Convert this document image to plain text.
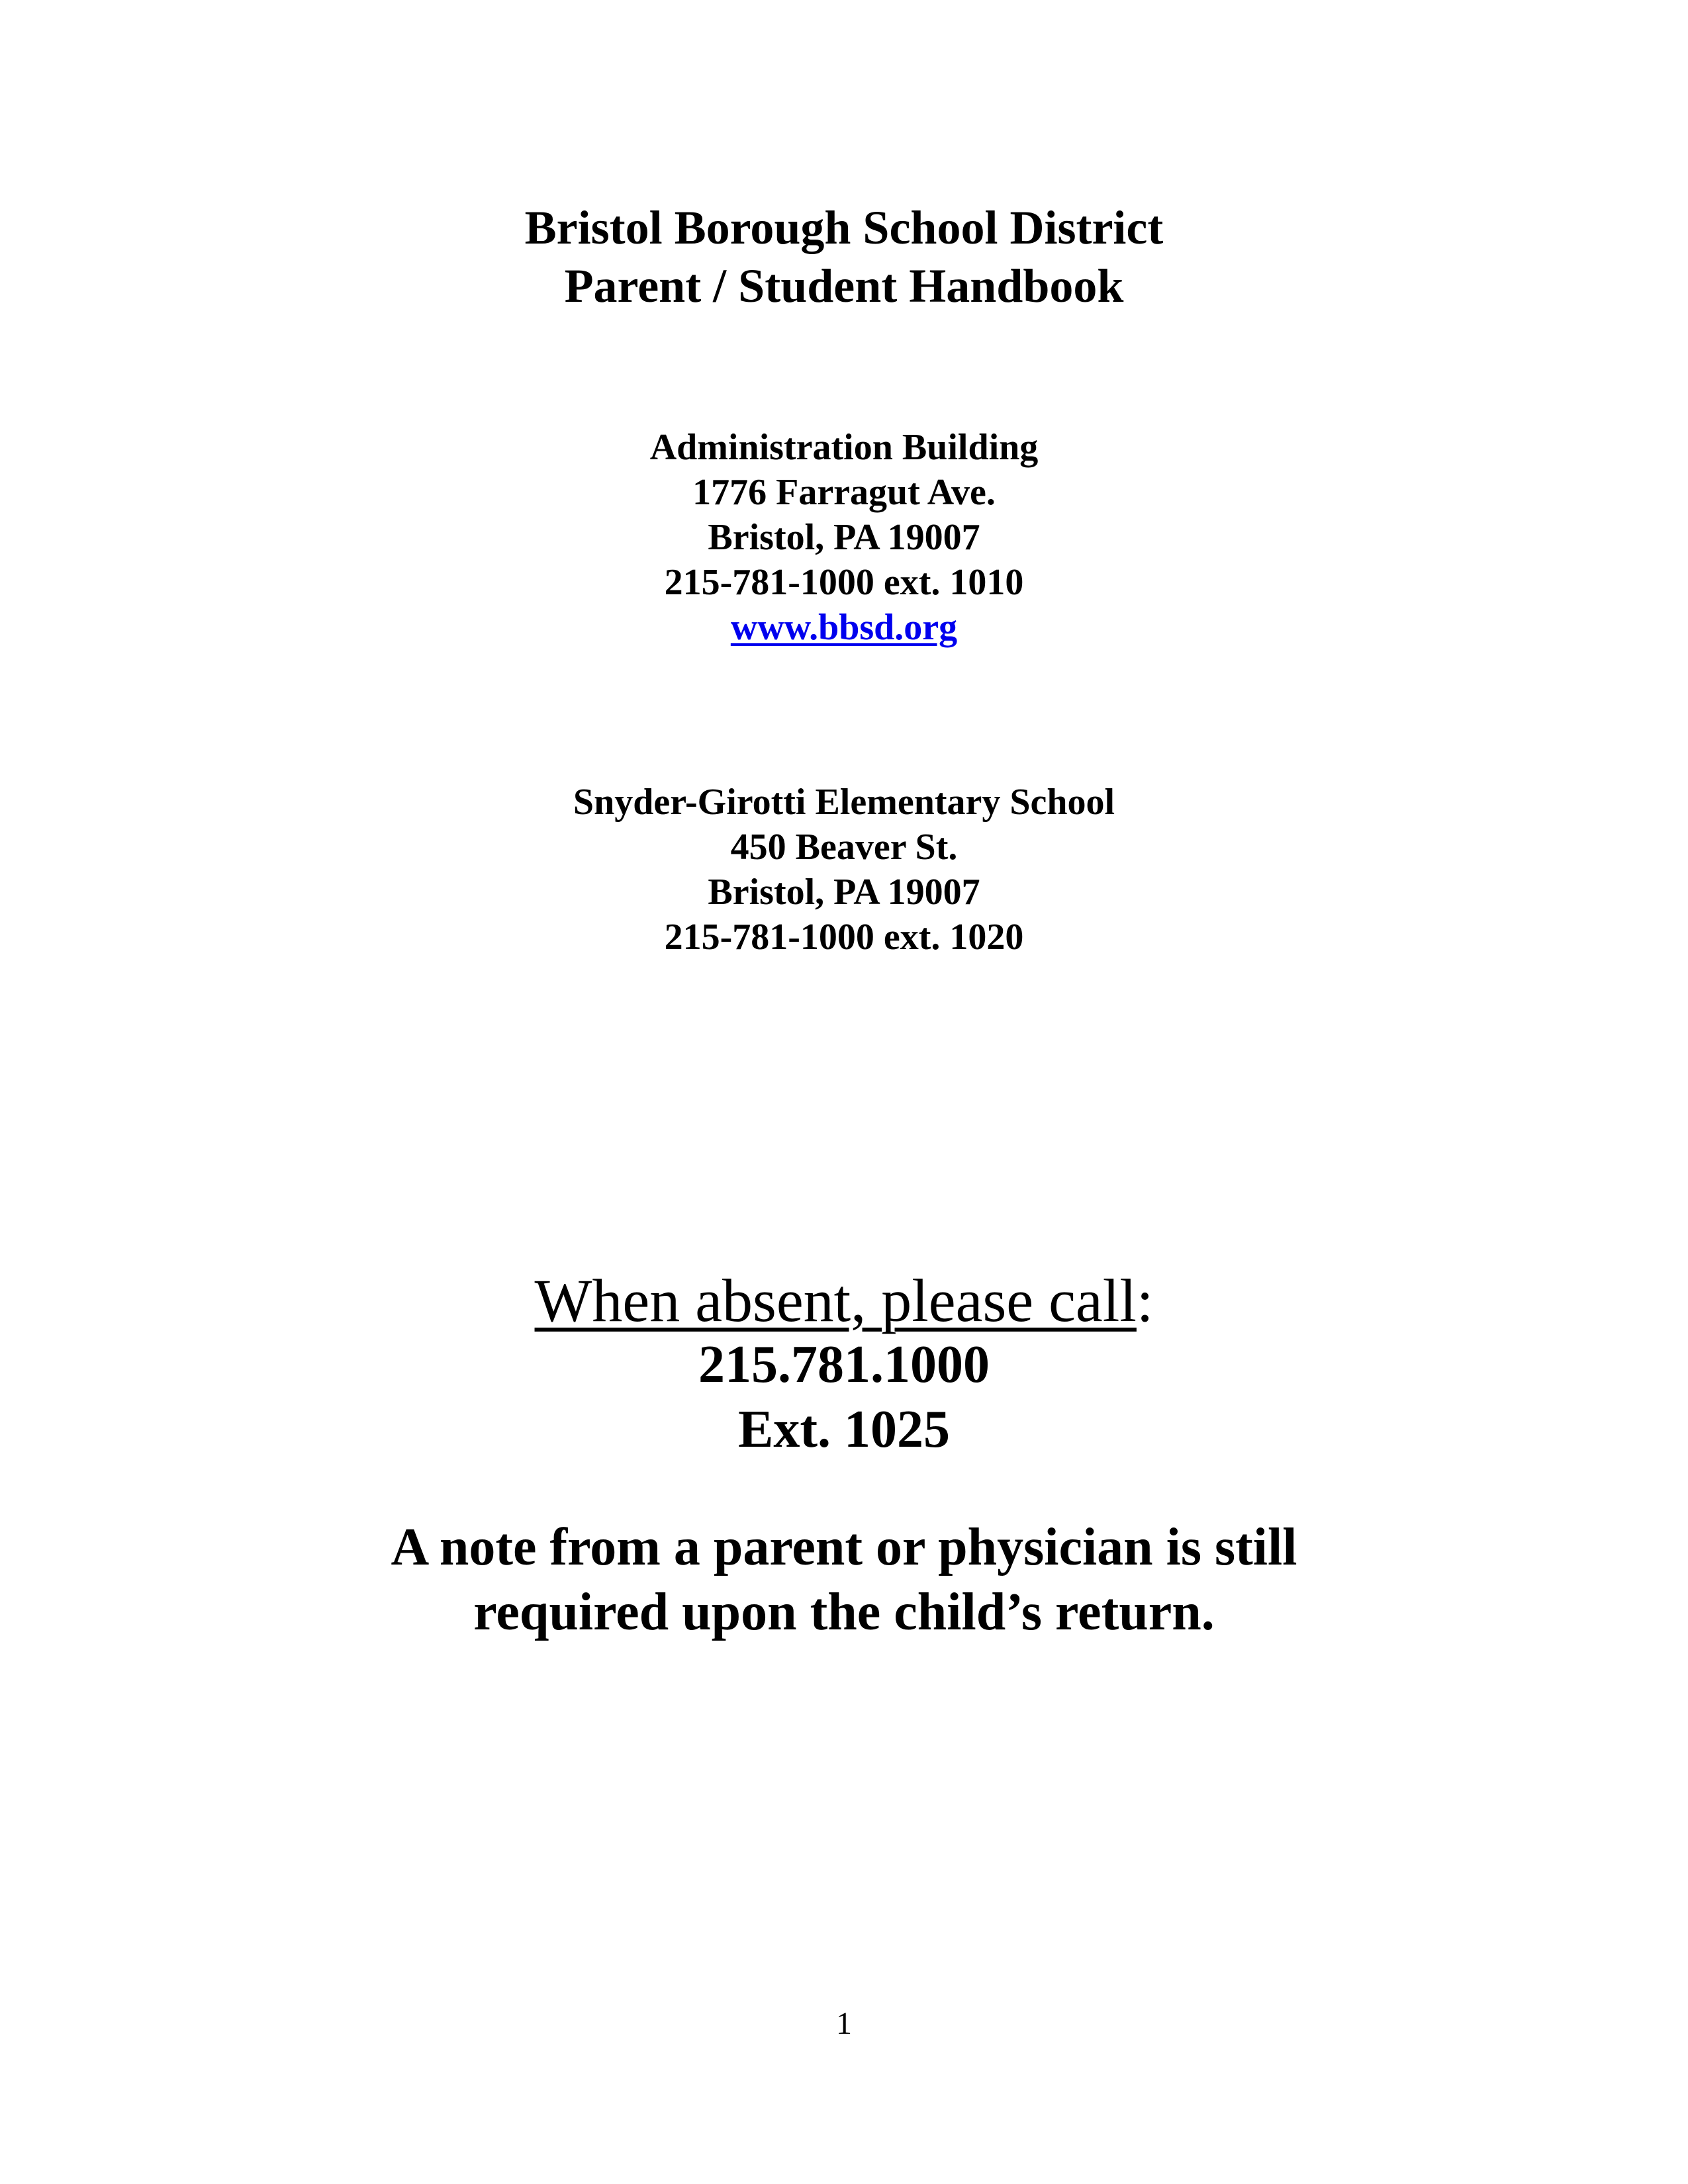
Bristol Borough School District
Parent / Student Handbook
Administration Building
1776 Farragut Ave.
Bristol, PA 19007
215-781-1000 ext. 1010
www.bbsd.org
Snyder-Girotti Elementary School
450 Beaver St.
Bristol, PA 19007
215-781-1000 ext. 1020
When absent, please call:
215.781.1000
Ext. 1025
A note from a parent or physician is still
required upon the child’s return.
1
